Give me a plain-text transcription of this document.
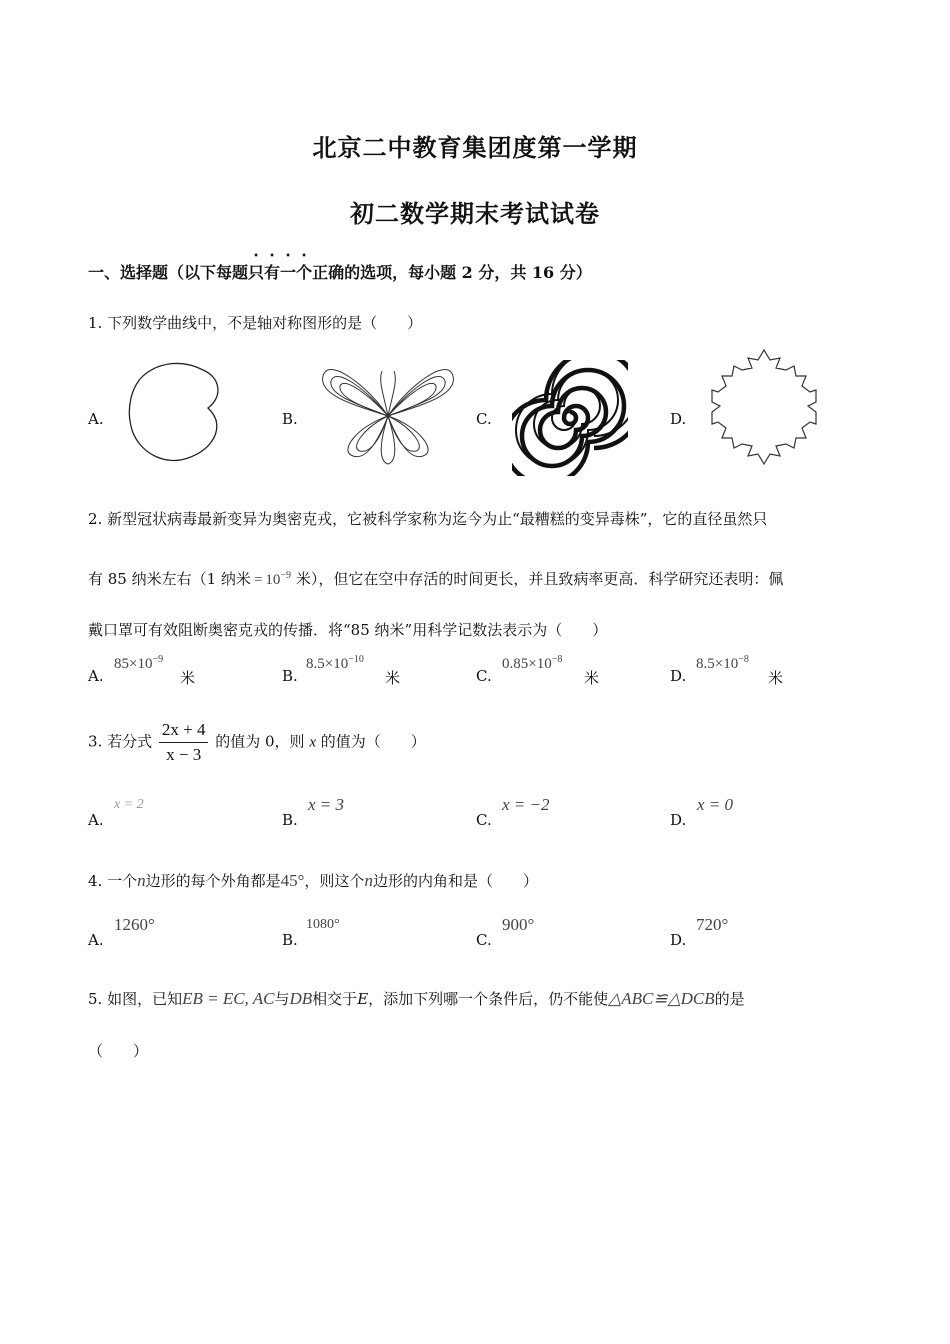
北京二中教育集团度第一学期
初二数学期末考试试卷
一、选择题（以下每题只有一个正确的选项，每小题 2 分，共 16 分）
1. 下列数学曲线中，不是轴对称图形的是（　　）
A.	B.	C.	D.
2. 新型冠状病毒最新变异为奥密克戎，它被科学家称为迄今为止“最糟糕的变异毒株”，它的直径虽然只
有 85 纳米左右（1 纳米 = $10^{-9}$ 米），但它在空中存活的时间更长，并且致病率更高．科学研究还表明：佩
戴口罩可有效阻断奥密克戎的传播．将“85 纳米”用科学记数法表示为（　　）
A.
$85\times 10^{-9}$
米	B.
$8.5\times 10^{-10}$
米	C.
$0.85\times 10^{-8}$
米	D.
$8.5\times 10^{-8}$
米
3. 若分式 $\frac{2x + 4}{x - 3}$ 的值为 0，则 x 的值为（　　）
A.
x = 2
B.
x = 3
C.
x = −2
D.
x = 0
4. 一个n边形的每个外角都是45°，则这个n边形的内角和是（　　）
A.
1260°
B.
1080°
C.
900°
D.
720°
5. 如图，已知EB = EC, AC与DB相交于E，添加下列哪一个条件后，仍不能使△ABC≌△DCB的是
（　　）
